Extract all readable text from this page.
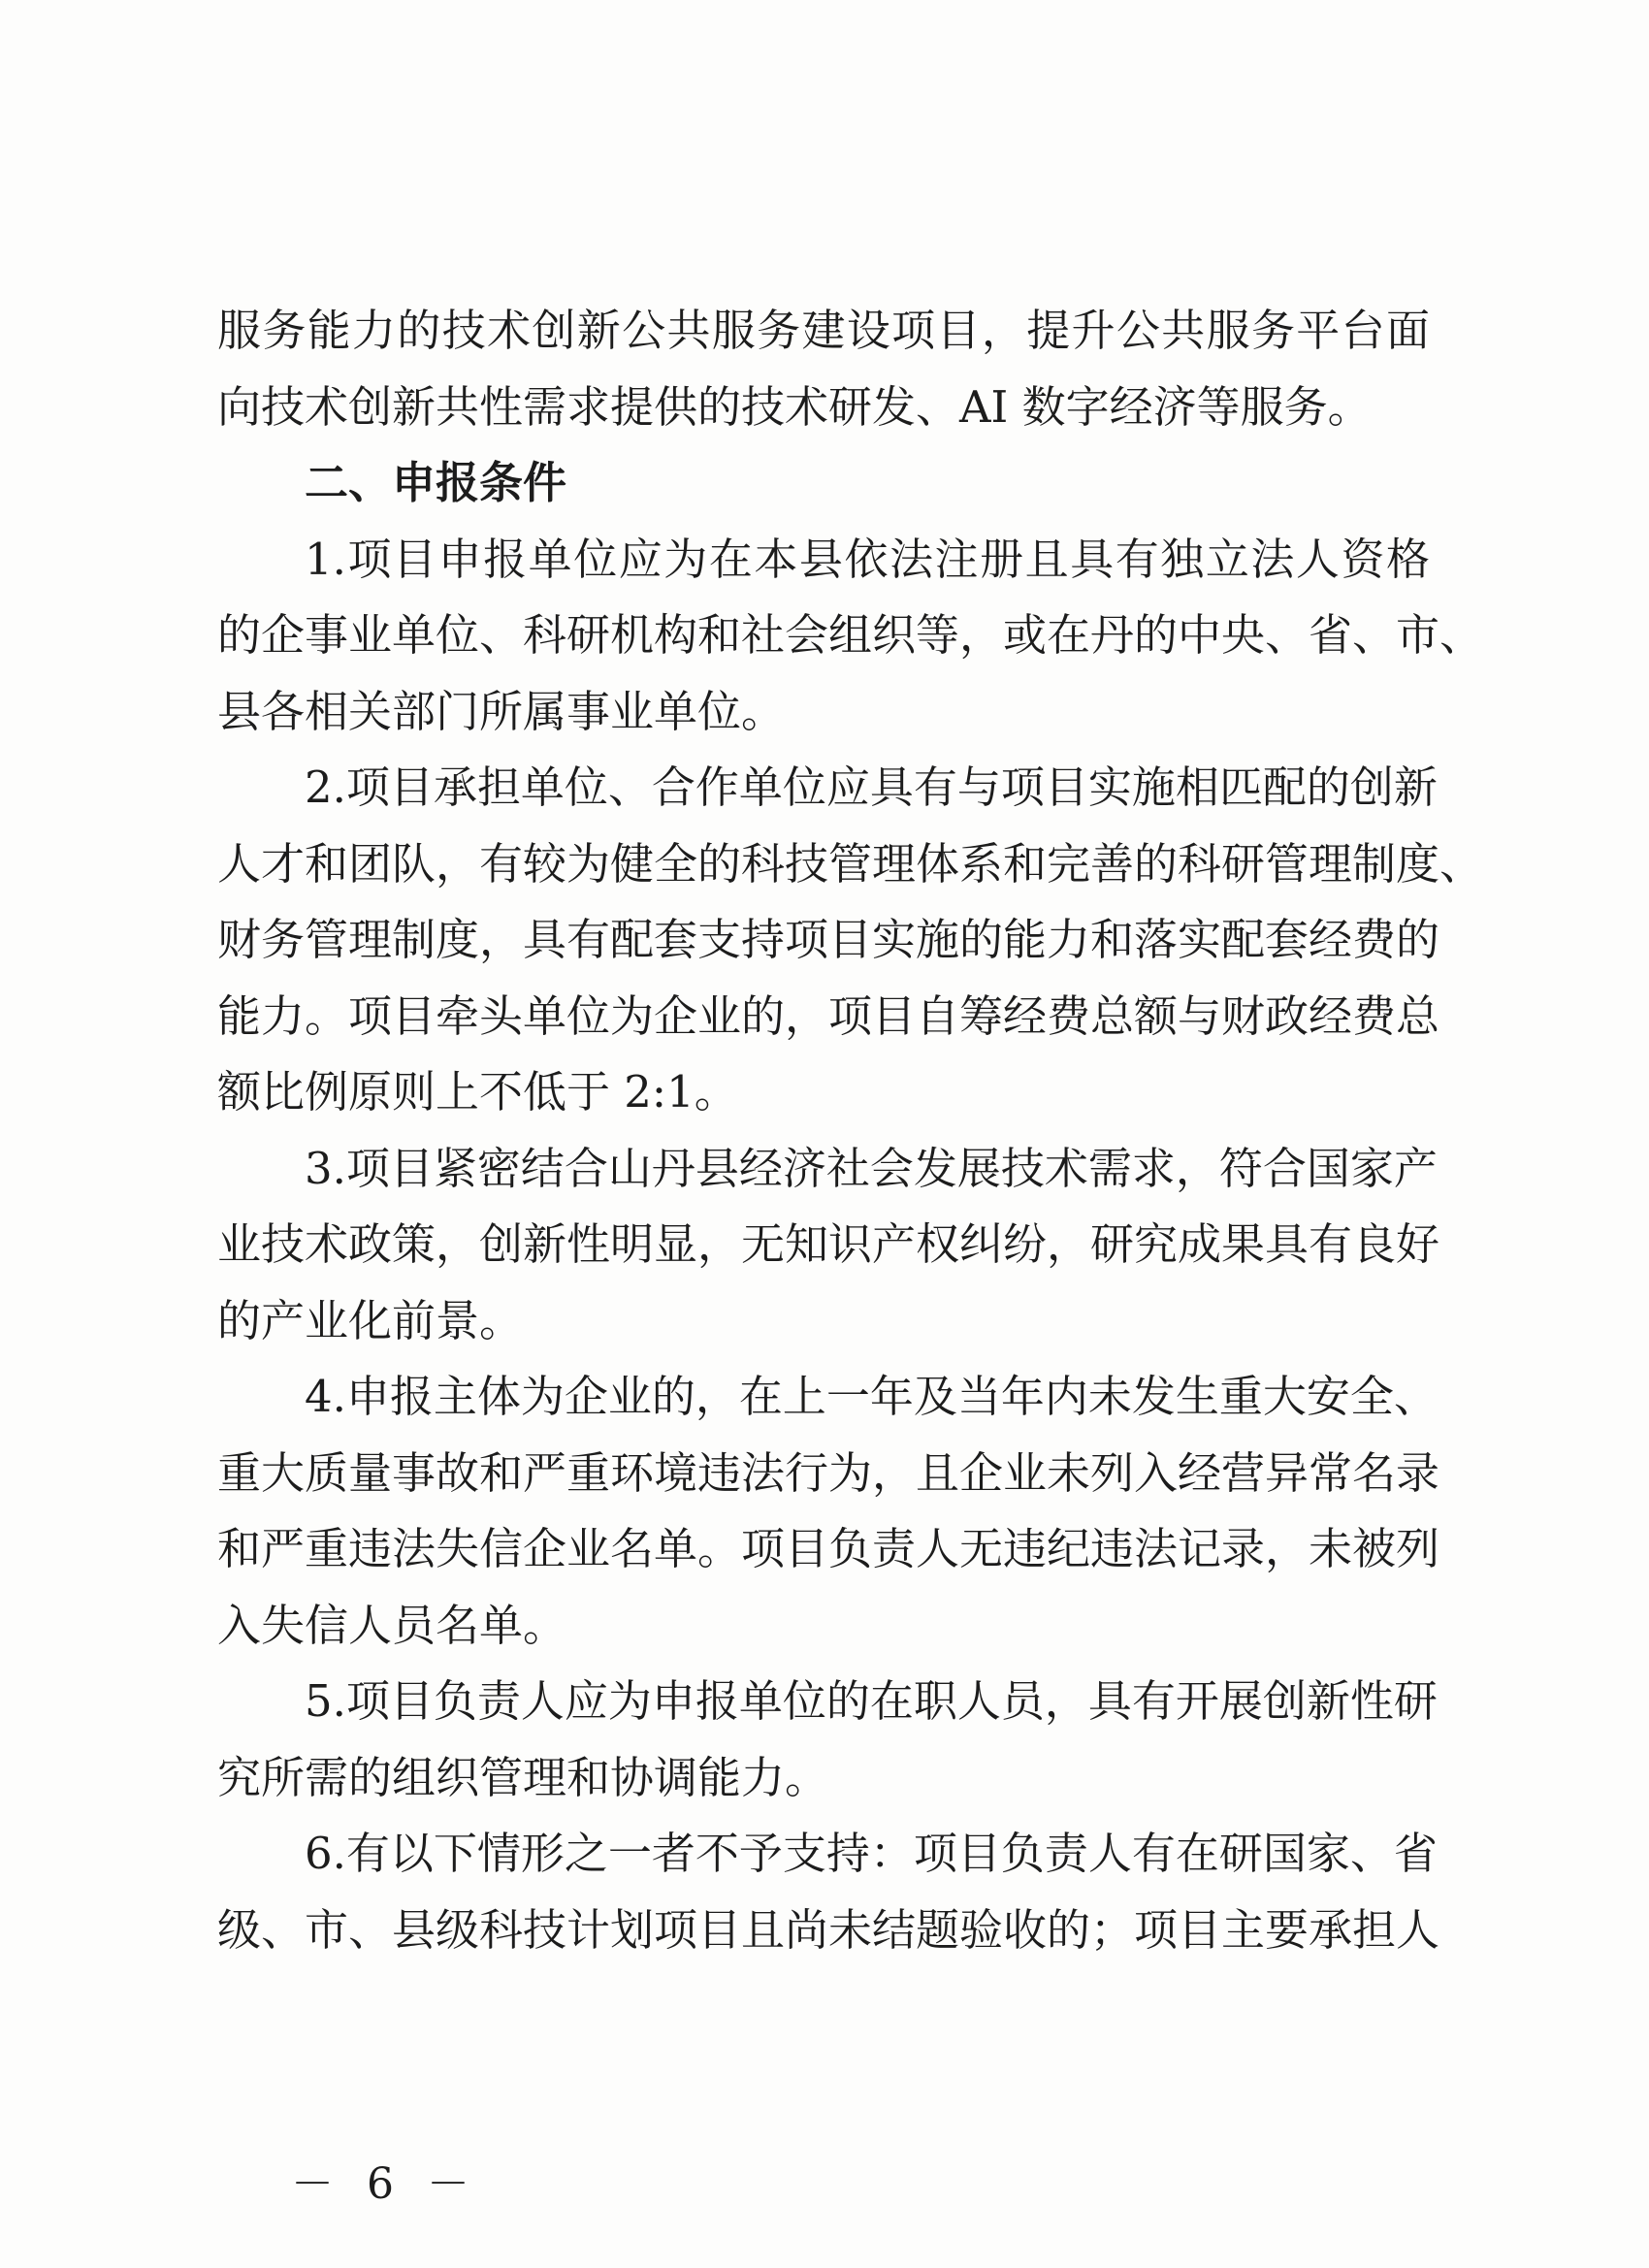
服务能力的技术创新公共服务建设项目，提升公共服务平台面
向技术创新共性需求提供的技术研发、AI 数字经济等服务。
二、申报条件
1.项目申报单位应为在本县依法注册且具有独立法人资格
的企事业单位、科研机构和社会组织等，或在丹的中央、省、市、
县各相关部门所属事业单位。
2.项目承担单位、合作单位应具有与项目实施相匹配的创新
人才和团队，有较为健全的科技管理体系和完善的科研管理制度、
财务管理制度，具有配套支持项目实施的能力和落实配套经费的
能力。项目牵头单位为企业的，项目自筹经费总额与财政经费总
额比例原则上不低于 2:1。
3.项目紧密结合山丹县经济社会发展技术需求，符合国家产
业技术政策，创新性明显，无知识产权纠纷，研究成果具有良好
的产业化前景。
4.申报主体为企业的，在上一年及当年内未发生重大安全、
重大质量事故和严重环境违法行为，且企业未列入经营异常名录
和严重违法失信企业名单。项目负责人无违纪违法记录，未被列
入失信人员名单。
5.项目负责人应为申报单位的在职人员，具有开展创新性研
究所需的组织管理和协调能力。
6.有以下情形之一者不予支持：项目负责人有在研国家、省
级、市、县级科技计划项目且尚未结题验收的；项目主要承担人
－ 6 －
